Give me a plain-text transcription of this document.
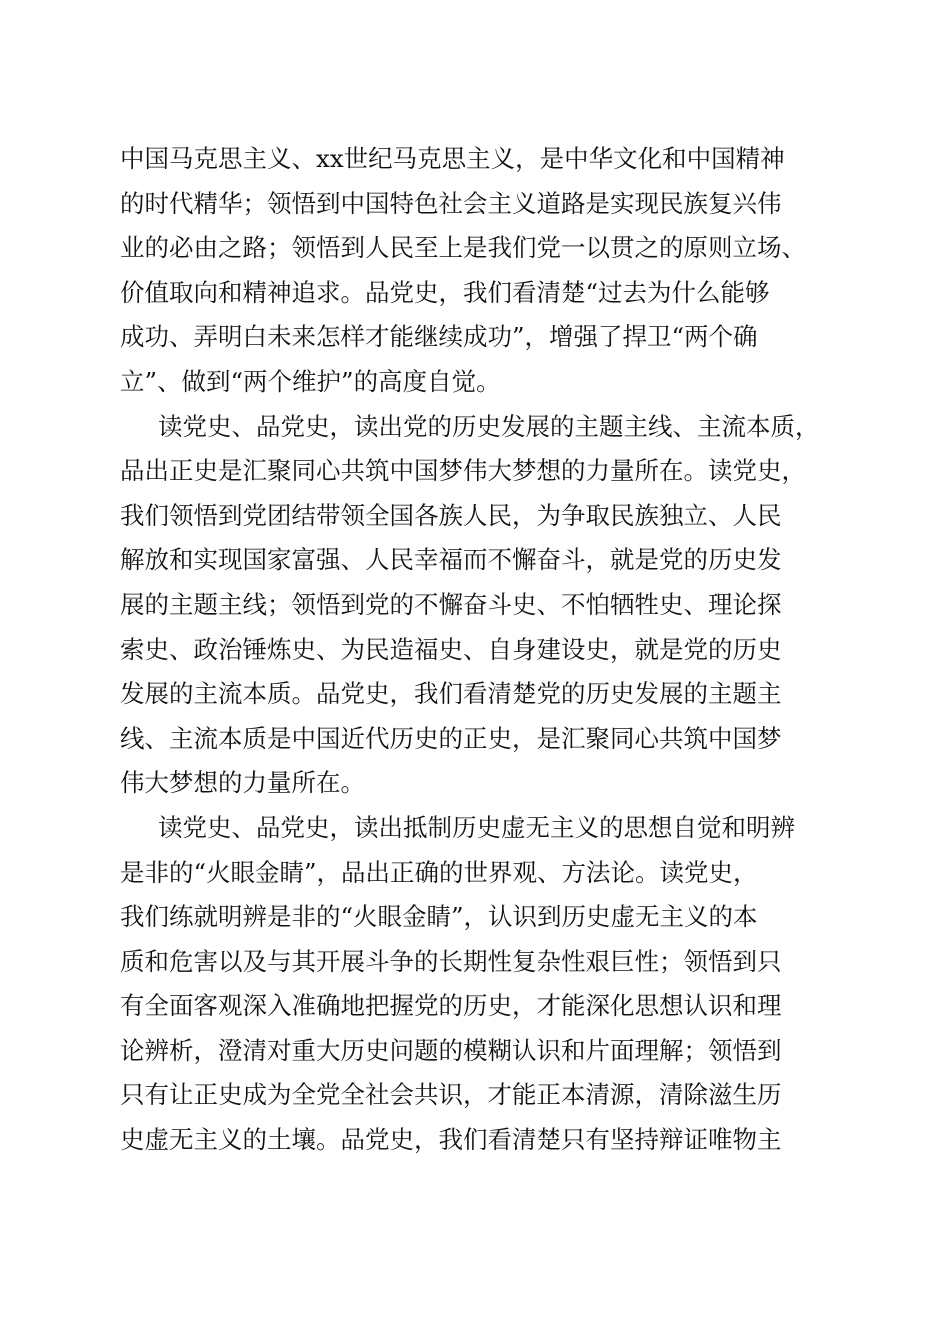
中国马克思主义、xx世纪马克思主义，是中华文化和中国精神
的时代精华；领悟到中国特色社会主义道路是实现民族复兴伟
业的必由之路；领悟到人民至上是我们党一以贯之的原则立场、
价值取向和精神追求。品党史，我们看清楚“过去为什么能够
成功、弄明白未来怎样才能继续成功”，增强了捍卫“两个确
立”、做到“两个维护”的高度自觉。
读党史、品党史，读出党的历史发展的主题主线、主流本质，
品出正史是汇聚同心共筑中国梦伟大梦想的力量所在。读党史，
我们领悟到党团结带领全国各族人民，为争取民族独立、人民
解放和实现国家富强、人民幸福而不懈奋斗，就是党的历史发
展的主题主线；领悟到党的不懈奋斗史、不怕牺牲史、理论探
索史、政治锤炼史、为民造福史、自身建设史，就是党的历史
发展的主流本质。品党史，我们看清楚党的历史发展的主题主
线、主流本质是中国近代历史的正史，是汇聚同心共筑中国梦
伟大梦想的力量所在。
读党史、品党史，读出抵制历史虚无主义的思想自觉和明辨
是非的“火眼金睛”，品出正确的世界观、方法论。读党史，
我们练就明辨是非的“火眼金睛”，认识到历史虚无主义的本
质和危害以及与其开展斗争的长期性复杂性艰巨性；领悟到只
有全面客观深入准确地把握党的历史，才能深化思想认识和理
论辨析，澄清对重大历史问题的模糊认识和片面理解；领悟到
只有让正史成为全党全社会共识，才能正本清源，清除滋生历
史虚无主义的土壤。品党史，我们看清楚只有坚持辩证唯物主
